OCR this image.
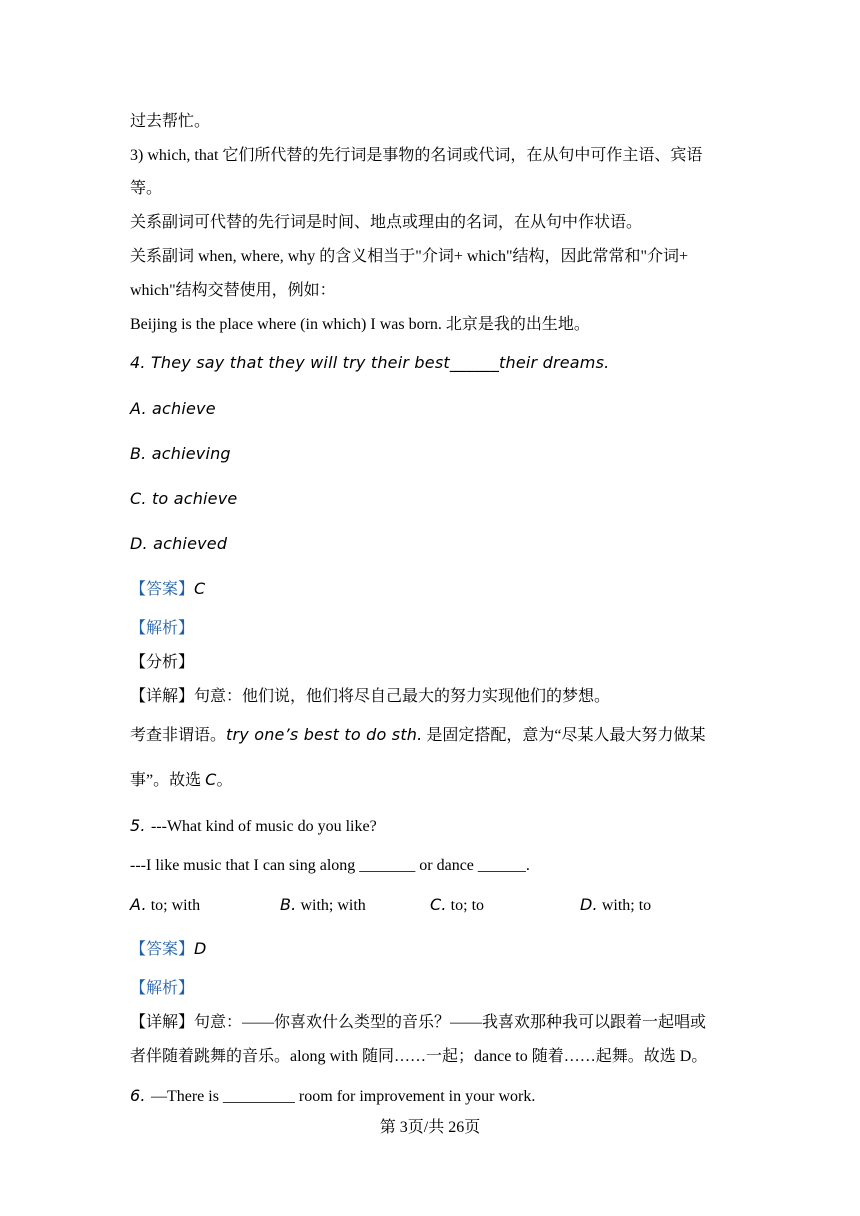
过去帮忙。
3) which, that 它们所代替的先行词是事物的名词或代词，在从句中可作主语、宾语
等。
关系副词可代替的先行词是时间、地点或理由的名词，在从句中作状语。
关系副词 when, where, why 的含义相当于"介词+ which"结构，因此常常和"介词+
which"结构交替使用，例如：
Beijing is the place where (in which) I was born. 北京是我的出生地。
4. They say that they will try their best______their dreams.
A. achieve
B. achieving
C. to achieve
D. achieved
【答案】C
【解析】
【分析】
【详解】句意：他们说，他们将尽自己最大的努力实现他们的梦想。
考查非谓语。try one’s best to do sth. 是固定搭配，意为“尽某人最大努力做某
事”。故选 C。
5. ---What kind of music do you like?
---I like music that I can sing along _______ or dance ______.
A. to; with	B. with; with	C. to; to	D. with; to
【答案】D
【解析】
【详解】句意：——你喜欢什么类型的音乐？——我喜欢那种我可以跟着一起唱或
者伴随着跳舞的音乐。along with 随同……一起；dance to 随着……起舞。故选 D。
6. —There is _________ room for improvement in your work.
第 3页/共 26页
